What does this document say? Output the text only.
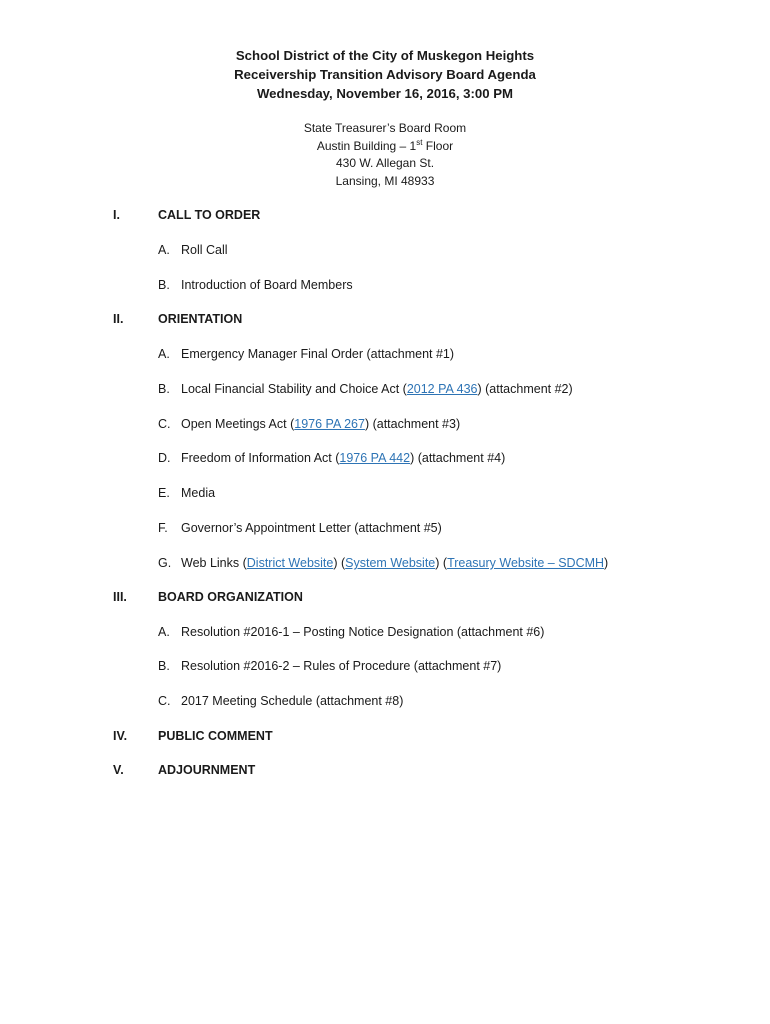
School District of the City of Muskegon Heights
Receivership Transition Advisory Board Agenda
Wednesday, November 16, 2016, 3:00 PM
State Treasurer’s Board Room
Austin Building – 1st Floor
430 W. Allegan St.
Lansing, MI 48933
I.	CALL TO ORDER
A. Roll Call
B. Introduction of Board Members
II.	ORIENTATION
A. Emergency Manager Final Order (attachment #1)
B. Local Financial Stability and Choice Act (2012 PA 436) (attachment #2)
C. Open Meetings Act (1976 PA 267) (attachment #3)
D. Freedom of Information Act (1976 PA 442) (attachment #4)
E. Media
F. Governor’s Appointment Letter (attachment #5)
G. Web Links (District Website) (System Website) (Treasury Website – SDCMH)
III. BOARD ORGANIZATION
A. Resolution #2016-1 – Posting Notice Designation (attachment #6)
B. Resolution #2016-2 – Rules of Procedure (attachment #7)
C. 2017 Meeting Schedule (attachment #8)
IV. PUBLIC COMMENT
V.	ADJOURNMENT
